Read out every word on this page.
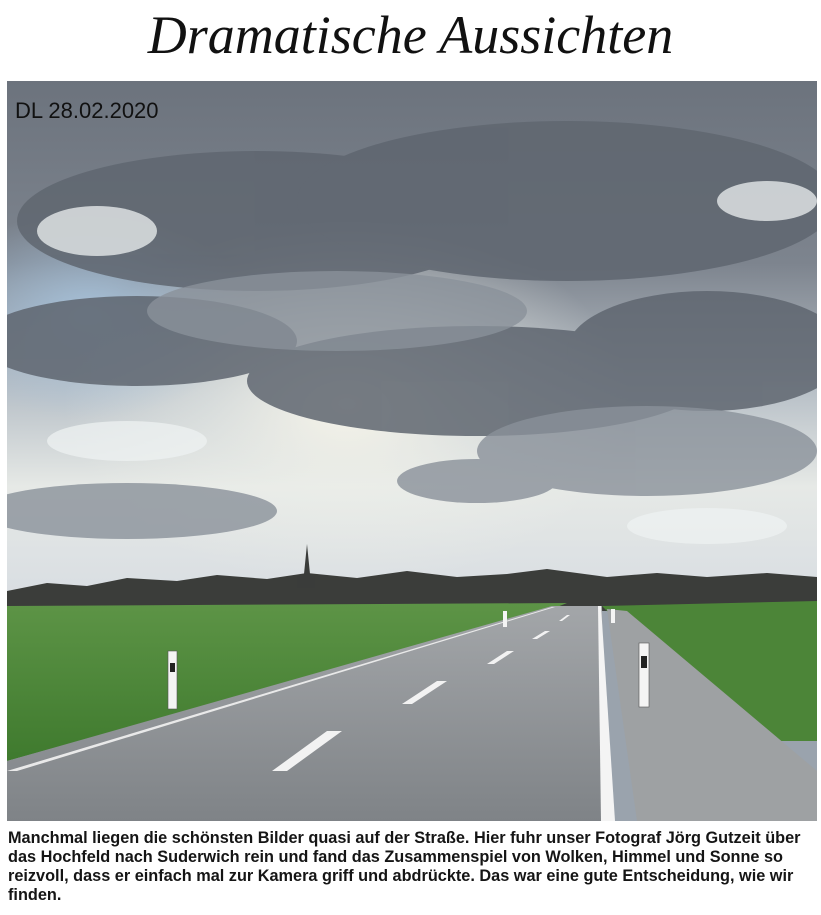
Dramatische Aussichten
DL 28.02.2020

Manchmal liegen die schönsten Bilder quasi auf der Straße. Hier fuhr unser Fotograf Jörg Gutzeit über das Hochfeld nach Suderwich rein und fand das Zusammenspiel von Wolken, Himmel und Sonne so reizvoll, dass er einfach mal zur Kamera griff und abdrückte. Das war eine gute Entscheidung, wie wir finden.
